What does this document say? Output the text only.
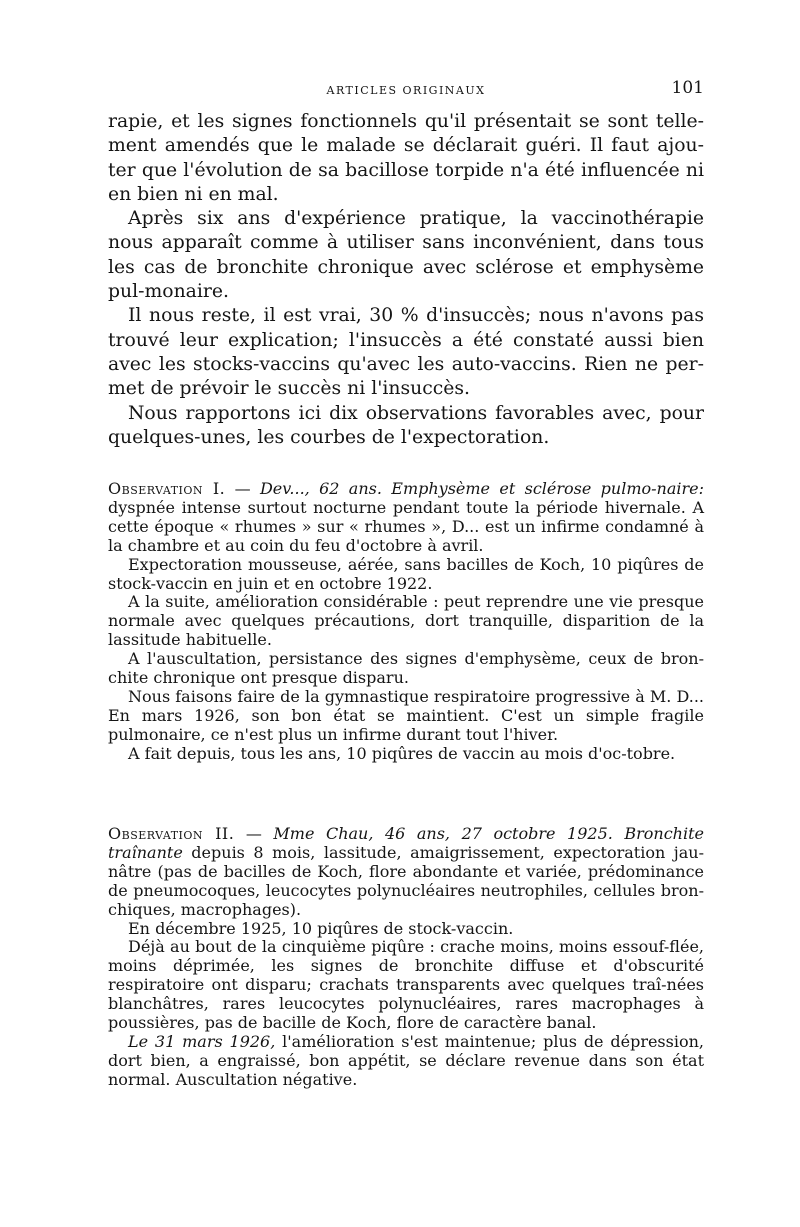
ARTICLES ORIGINAUX	101

rapie, et les signes fonctionnels qu'il présentait se sont telle-ment amendés que le malade se déclarait guéri. Il faut ajou-ter que l'évolution de sa bacillose torpide n'a été influencée ni en bien ni en mal.

Après six ans d'expérience pratique, la vaccinothérapie nous apparaît comme à utiliser sans inconvénient, dans tous les cas de bronchite chronique avec sclérose et emphysème pul-monaire.

Il nous reste, il est vrai, 30 % d'insuccès; nous n'avons pas trouvé leur explication; l'insuccès a été constaté aussi bien avec les stocks-vaccins qu'avec les auto-vaccins. Rien ne per-met de prévoir le succès ni l'insuccès.

Nous rapportons ici dix observations favorables avec, pour quelques-unes, les courbes de l'expectoration.

Observation I. — Dev..., 62 ans. Emphysème et sclérose pulmo-naire: dyspnée intense surtout nocturne pendant toute la période hivernale. A cette époque « rhumes » sur « rhumes », D... est un infirme condamné à la chambre et au coin du feu d'octobre à avril.

Expectoration mousseuse, aérée, sans bacilles de Koch, 10 piqûres de stock-vaccin en juin et en octobre 1922.

A la suite, amélioration considérable : peut reprendre une vie presque normale avec quelques précautions, dort tranquille, disparition de la lassitude habituelle.

A l'auscultation, persistance des signes d'emphysème, ceux de bron-chite chronique ont presque disparu.

Nous faisons faire de la gymnastique respiratoire progressive à M. D... En mars 1926, son bon état se maintient. C'est un simple fragile pulmonaire, ce n'est plus un infirme durant tout l'hiver.

A fait depuis, tous les ans, 10 piqûres de vaccin au mois d'oc-tobre.

Observation II. — Mme Chau, 46 ans, 27 octobre 1925. Bronchite traînante depuis 8 mois, lassitude, amaigrissement, expectoration jau-nâtre (pas de bacilles de Koch, flore abondante et variée, prédominance de pneumocoques, leucocytes polynucléaires neutrophiles, cellules bron-chiques, macrophages).

En décembre 1925, 10 piqûres de stock-vaccin.

Déjà au bout de la cinquième piqûre : crache moins, moins essouf-flée, moins déprimée, les signes de bronchite diffuse et d'obscurité respiratoire ont disparu; crachats transparents avec quelques traî-nées blanchâtres, rares leucocytes polynucléaires, rares macrophages à poussières, pas de bacille de Koch, flore de caractère banal.

Le 31 mars 1926, l'amélioration s'est maintenue; plus de dépression, dort bien, a engraissé, bon appétit, se déclare revenue dans son état normal. Auscultation négative.
